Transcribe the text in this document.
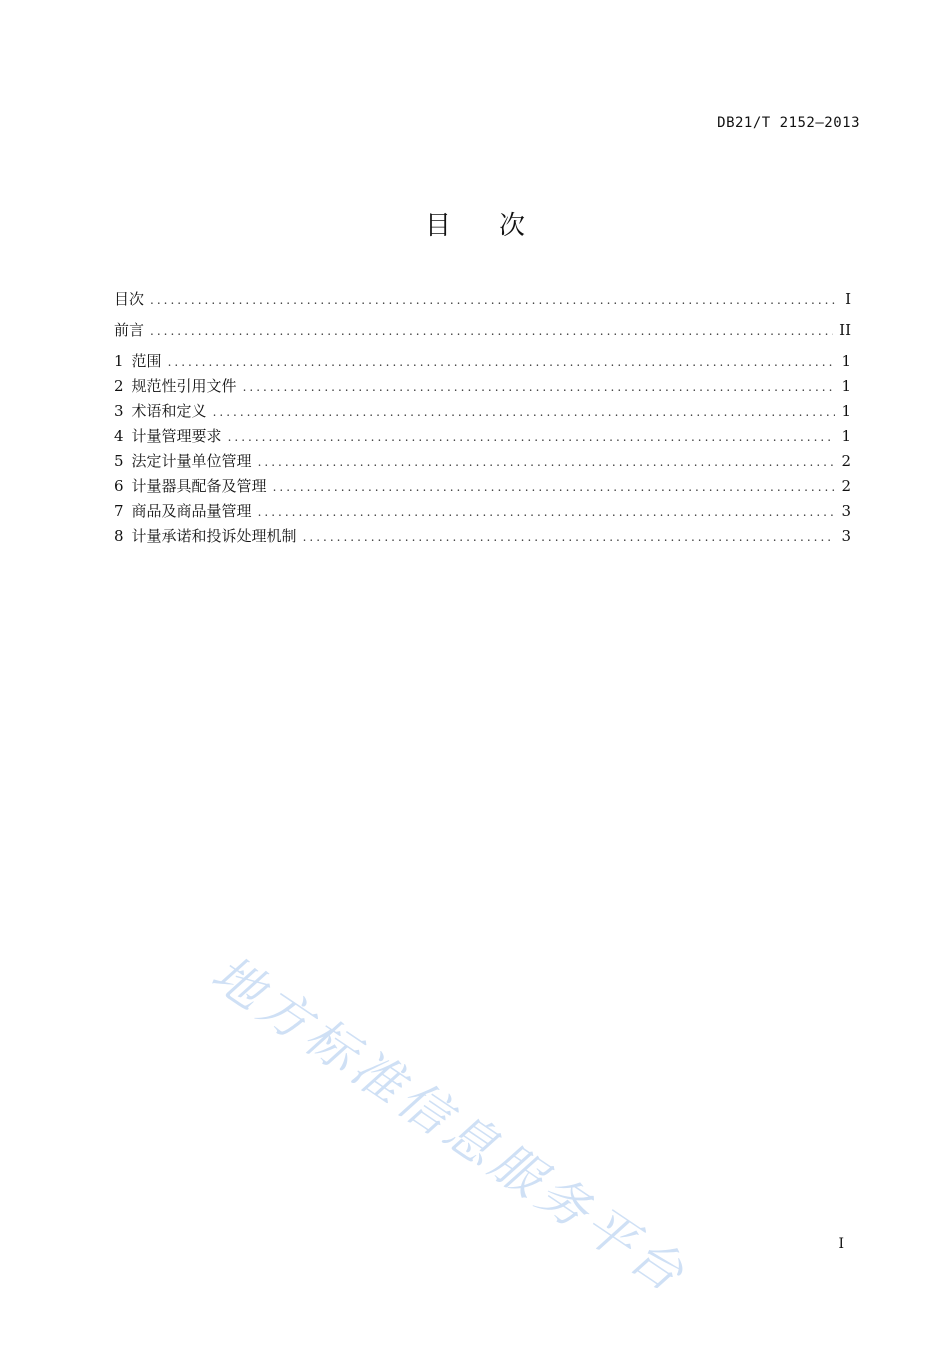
DB21/T 2152—2013
目 次
目次 .....	I
前言 .....	II
1 范围 .....	1
2 规范性引用文件 .....	1
3 术语和定义 .....	1
4 计量管理要求 .....	1
5 法定计量单位管理 .....	2
6 计量器具配备及管理 .....	2
7 商品及商品量管理 .....	3
8 计量承诺和投诉处理机制 .....	3
地方标准信息服务平台	I
